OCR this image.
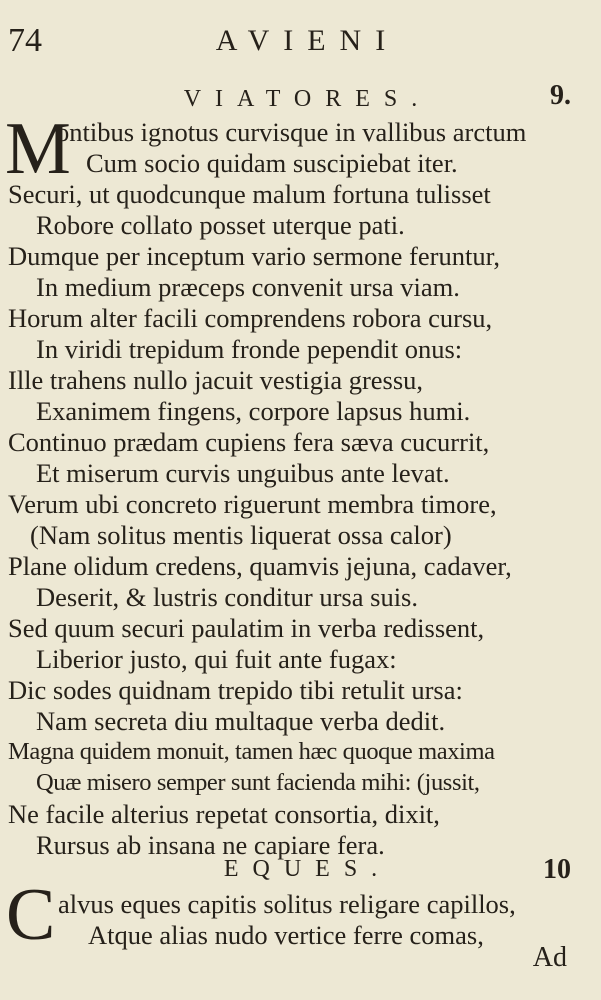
74	AVIENI
VIATORES.	9.
M
ontibus ignotus curvisque in vallibus arctum
Cum socio quidam suscipiebat iter.
Securi, ut quodcunque malum fortuna tulisset
Robore collato posset uterque pati.
Dumque per inceptum vario sermone feruntur,
In medium præceps convenit ursa viam.
Horum alter facili comprendens robora cursu,
In viridi trepidum fronde pependit onus:
Ille trahens nullo jacuit vestigia gressu,
Exanimem fingens, corpore lapsus humi.
Continuo prædam cupiens fera sæva cucurrit,
Et miserum curvis unguibus ante levat.
Verum ubi concreto riguerunt membra timore,
(Nam solitus mentis liquerat ossa calor)
Plane olidum credens, quamvis jejuna, cadaver,
Deserit, & lustris conditur ursa suis.
Sed quum securi paulatim in verba redissent,
Liberior justo, qui fuit ante fugax:
Dic sodes quidnam trepido tibi retulit ursa:
Nam secreta diu multaque verba dedit.
Magna quidem monuit, tamen hæc quoque maxima
Quæ misero semper sunt facienda mihi: (jussit,
Ne facile alterius repetat consortia, dixit,
Rursus ab insana ne capiare fera.
EQUES.	10
C alvus eques capitis solitus religare capillos,
Atque alias nudo vertice ferre comas,
Ad
